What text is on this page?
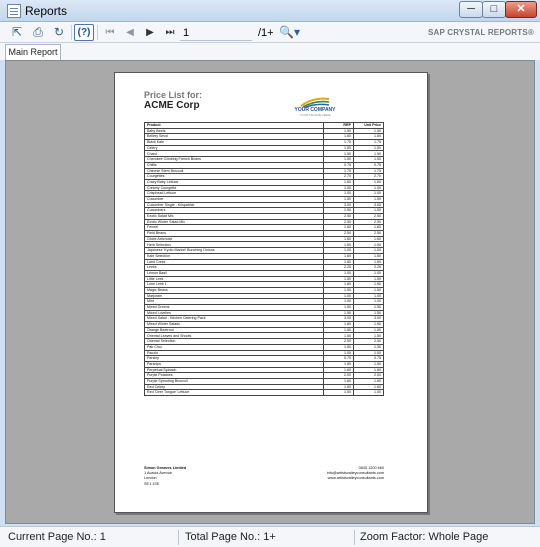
Reports	─	□	✕
⇱ ⎙ ↻	(?)	⏮	◀	▶	⏭
1	/1+ 🔍▾	SAP CRYSTAL REPORTS®
Main Report
Price List for:
ACME Corp	YOUR COMPANY
YOUR TAGLINE HERE
Product	RRP	Unit Price
Baby Beets	1.50	1.50
Bellery Sevoi	1.60	1.60
Black Kale	1.75	1.75
Celery	1.50	1.50
Chard	1.50	1.50
Cherokee Climbing French Beans	1.50	1.50
Chillis	0.75	0.75
Chinese Stem Broccoli	1.75	1.75
Courgettes	2.70	2.70
Crazy Baby Lettuce	1.60	1.60
Creamy Courgette	1.00	1.00
Crisphead Lettuce	1.00	1.00
Cucumber	1.50	1.50
Cucumber Single - Kilopatrick	3.00	3.00
Cucumbers	1.50	1.50
Exotic Salad Mix	2.50	2.50
Exotic Winter Salad Mix	2.50	2.50
Fennel	1.60	1.60
Field Beans	2.50	2.50
Globe Artichoke	1.60	1.60
Herb Selection	1.50	1.50
Japanese 'Kyoto Market' Bunching Onions	1.00	1.00
Kale Selection	1.60	1.60
Land Cress	1.60	1.60
Leeks	2.25	2.25
Lemon Basil	1.00	1.00
Little Leek	1.50	1.50
Lone Leek 1	1.60	1.60
Magic Beans	1.50	1.50
Marjoram	1.00	1.00
Mint	1.00	1.00
Mixed Greens	1.50	1.50
Mixed Lovelies	1.50	1.50
Mixed Salad - Kitchen Catering Pack	3.00	3.00
Mixed Winter Salads	1.60	1.60
Orange Beetroot	1.50	1.50
Oriental Leaves and Shoots	1.50	1.50
Oriental Selection	2.50	2.50
Pak Choi	1.50	1.50
Pacolo	1.00	1.00
Parsley	0.75	0.75
Parsnips	1.50	1.50
Perpetual Spinach	1.60	1.60
Purple Potatoes	2.00	2.00
Purple Sprouting Broccoli	1.60	1.60
Red Celery	1.60	1.60
Red 'Deer Tongue' Lettuce	1.00	1.00
Simon Greaves Limited
1 Acacia Avenue
London
SE1 1SE
0845 1200 660
info@artistsvalleyconsultants.com
www.artistsvalleyconsultants.com
Current Page No.: 1	Total Page No.: 1+	Zoom Factor: Whole Page
